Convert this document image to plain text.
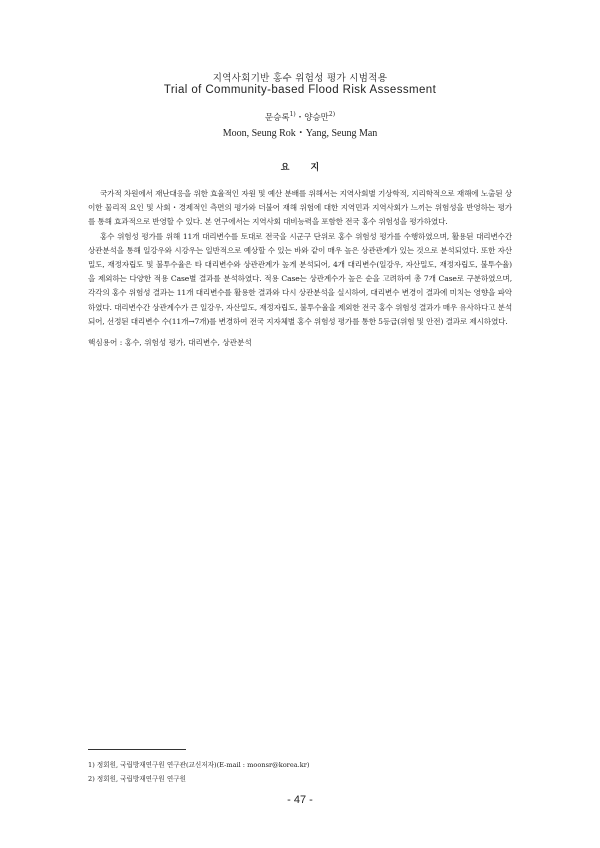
지역사회기반 홍수 위험성 평가 시범적용
Trial of Community-based Flood Risk Assessment
문승록$^{1)}$・양승만$^{2)}$
Moon, Seung Rok・Yang, Seung Man
요 지

국가적 차원에서 재난대응을 위한 효율적인 자원 및 예산 분배를 위해서는 지역사회별 기상학적, 지리학적으로 재해에 노출된 상이한 물리적 요인 및 사회・경제적인 측면의 평가와 더불어 재해 위험에 대한 지역민과 지역사회가 느끼는 위험성을 반영하는 평가를 통해 효과적으로 반영할 수 있다. 본 연구에서는 지역사회 대비능력을 포함한 전국 홍수 위험성을 평가하였다.

홍수 위험성 평가를 위해 11개 대리변수를 토대로 전국을 시군구 단위로 홍수 위험성 평가를 수행하였으며, 활용된 대리변수간 상관분석을 통해 일강우와 시강우는 일반적으로 예상할 수 있는 바와 같이 매우 높은 상관관계가 있는 것으로 분석되었다. 또한 자산밀도, 재정자립도 및 불투수율은 타 대리변수와 상관관계가 높게 분석되어, 4개 대리변수(일강우, 자산밀도, 재정자립도, 불투수율)을 제외하는 다양한 적용 Case별 결과를 분석하였다. 적용 Case는 상관계수가 높은 순을 고려하여 총 7개 Case로 구분하였으며, 각각의 홍수 위험성 결과는 11개 대리변수를 활용한 결과와 다시 상관분석을 실시하여, 대리변수 변경이 결과에 미치는 영향을 파악하였다. 대리변수간 상관계수가 큰 일강우, 자산밀도, 재정자립도, 불투수율을 제외한 전국 홍수 위험성 결과가 매우 유사하다고 분석되어, 선정된 대리변수 수(11개→7개)를 변경하여 전국 지자체별 홍수 위험성 평가를 통한 5등급(위험 및 안전) 결과로 제시하였다.

핵심용어 : 홍수, 위험성 평가, 대리변수, 상관분석
1) 정회원, 국립방재연구원 연구관(교신저자)(E-mail : moonsr@korea.kr)
2) 정회원, 국립방재연구원 연구원
- 47 -
